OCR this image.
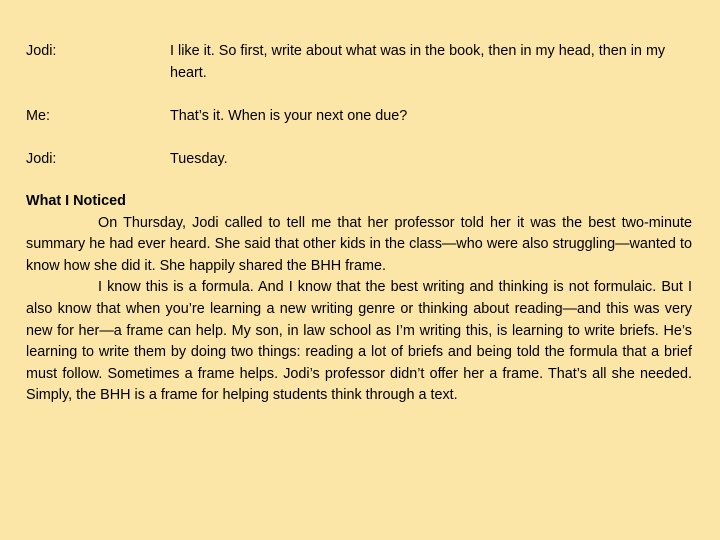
Jodi:	I like it. So first, write about what was in the book, then in my head, then in my heart.
Me:	That’s it. When is your next one due?
Jodi:	Tuesday.
What I Noticed

On Thursday, Jodi called to tell me that her professor told her it was the best two-minute summary he had ever heard. She said that other kids in the class—who were also struggling—wanted to know how she did it. She happily shared the BHH frame.

I know this is a formula. And I know that the best writing and thinking is not formulaic. But I also know that when you’re learning a new writing genre or thinking about reading—and this was very new for her—a frame can help. My son, in law school as I’m writing this, is learning to write briefs. He’s learning to write them by doing two things: reading a lot of briefs and being told the formula that a brief must follow. Sometimes a frame helps. Jodi’s professor didn’t offer her a frame. That’s all she needed. Simply, the BHH is a frame for helping students think through a text.
